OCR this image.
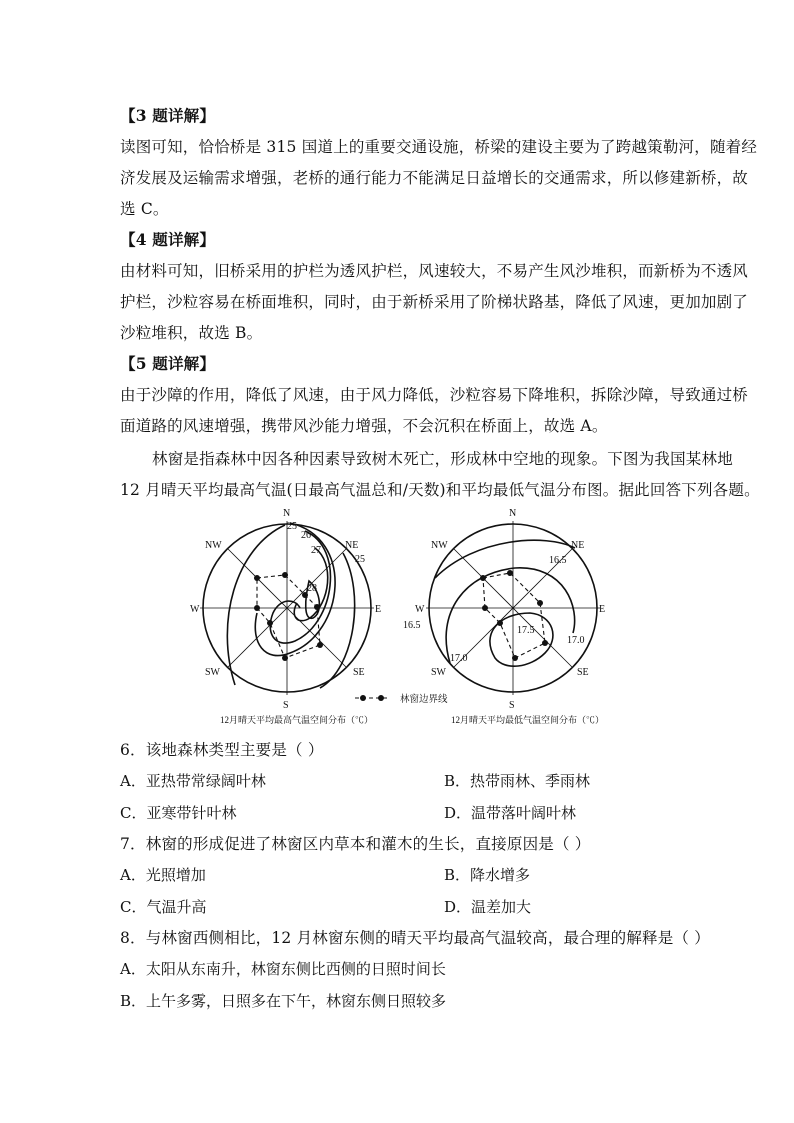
【3 题详解】
读图可知，恰恰桥是 315 国道上的重要交通设施，桥梁的建设主要为了跨越策勒河，随着经
济发展及运输需求增强，老桥的通行能力不能满足日益增长的交通需求，所以修建新桥，故
选 C。
【4 题详解】
由材料可知，旧桥采用的护栏为透风护栏，风速较大，不易产生风沙堆积，而新桥为不透风
护栏，沙粒容易在桥面堆积，同时，由于新桥采用了阶梯状路基，降低了风速，更加加剧了
沙粒堆积，故选 B。
【5 题详解】
由于沙障的作用，降低了风速，由于风力降低，沙粒容易下降堆积，拆除沙障，导致通过桥
面道路的风速增强，携带风沙能力增强，不会沉积在桥面上，故选 A。
林窗是指森林中因各种因素导致树木死亡，形成林中空地的现象。下图为我国某林地
12 月晴天平均最高气温(日最高气温总和/天数)和平均最低气温分布图。据此回答下列各题。
N
NE
E
SE
S
SW
W
NW
25
26
27
28
25
N
NE
E
SE
S
SW
W
NW
16.5
16.5	17.5
17.0
17.0
林窗边界线
12月晴天平均最高气温空间分布（℃）	12月晴天平均最低气温空间分布（℃）
6．该地森林类型主要是（ ）
A．亚热带常绿阔叶林	B．热带雨林、季雨林
C．亚寒带针叶林	D．温带落叶阔叶林
7．林窗的形成促进了林窗区内草本和灌木的生长，直接原因是（ ）
A．光照增加	B．降水增多
C．气温升高	D．温差加大
8．与林窗西侧相比，12 月林窗东侧的晴天平均最高气温较高，最合理的解释是（ ）
A．太阳从东南升，林窗东侧比西侧的日照时间长
B．上午多雾，日照多在下午，林窗东侧日照较多
